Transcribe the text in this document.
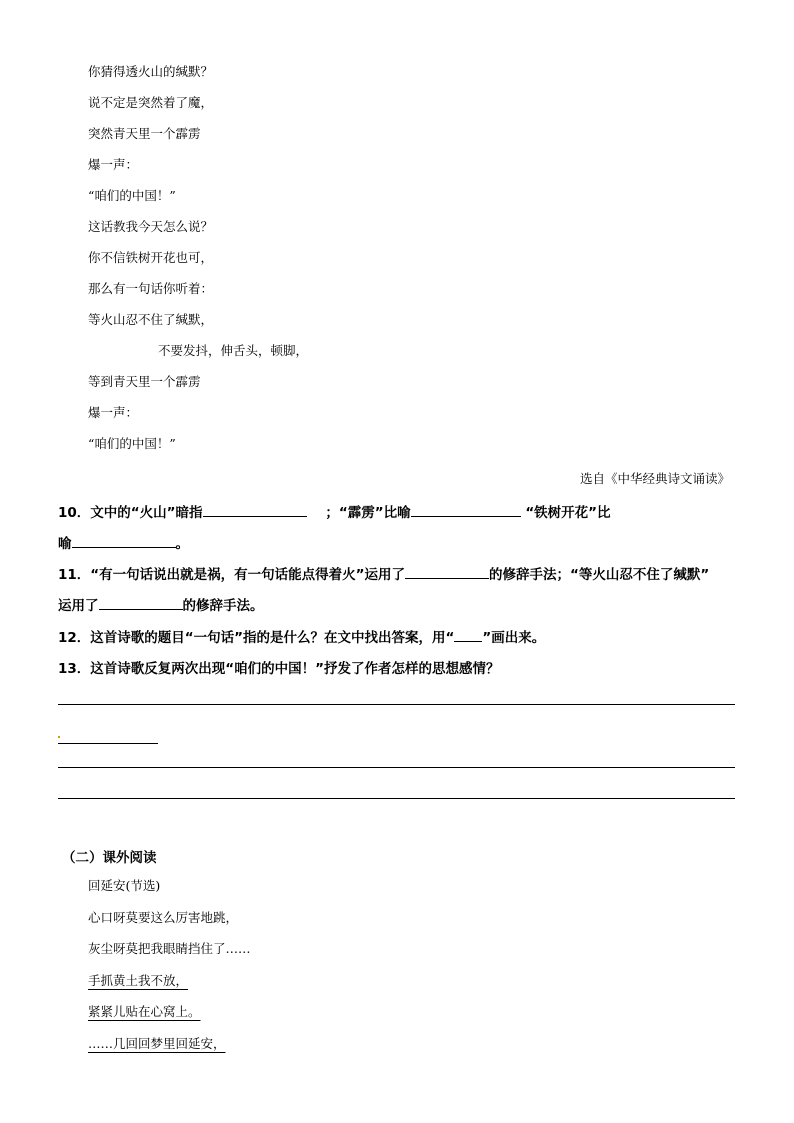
你猜得透火山的缄默？
说不定是突然着了魔，
突然青天里一个霹雳
爆一声：
“咱们的中国！”
这话教我今天怎么说？
你不信铁树开花也可，
那么有一句话你听着：
等火山忍不住了缄默，
不要发抖，伸舌头，顿脚，
等到青天里一个霹雳
爆一声：
“咱们的中国！”
选自《中华经典诗文诵读》
10．文中的“火山”暗指	；“霹雳”比喻	“铁树开花”比
喻	。
11．“有一句话说出就是祸，有一句话能点得着火”运用了	的修辞手法；“等火山忍不住了缄默”
运用了	的修辞手法。
12．这首诗歌的题目“一句话”指的是什么？在文中找出答案，用“ ”画出来。
13．这首诗歌反复两次出现“咱们的中国！”抒发了作者怎样的思想感情？
（二）课外阅读
回延安(节选)
心口呀莫要这么厉害地跳，
灰尘呀莫把我眼睛挡住了……
手抓黄土我不放，
紧紧儿贴在心窝上。
……几回回梦里回延安，
